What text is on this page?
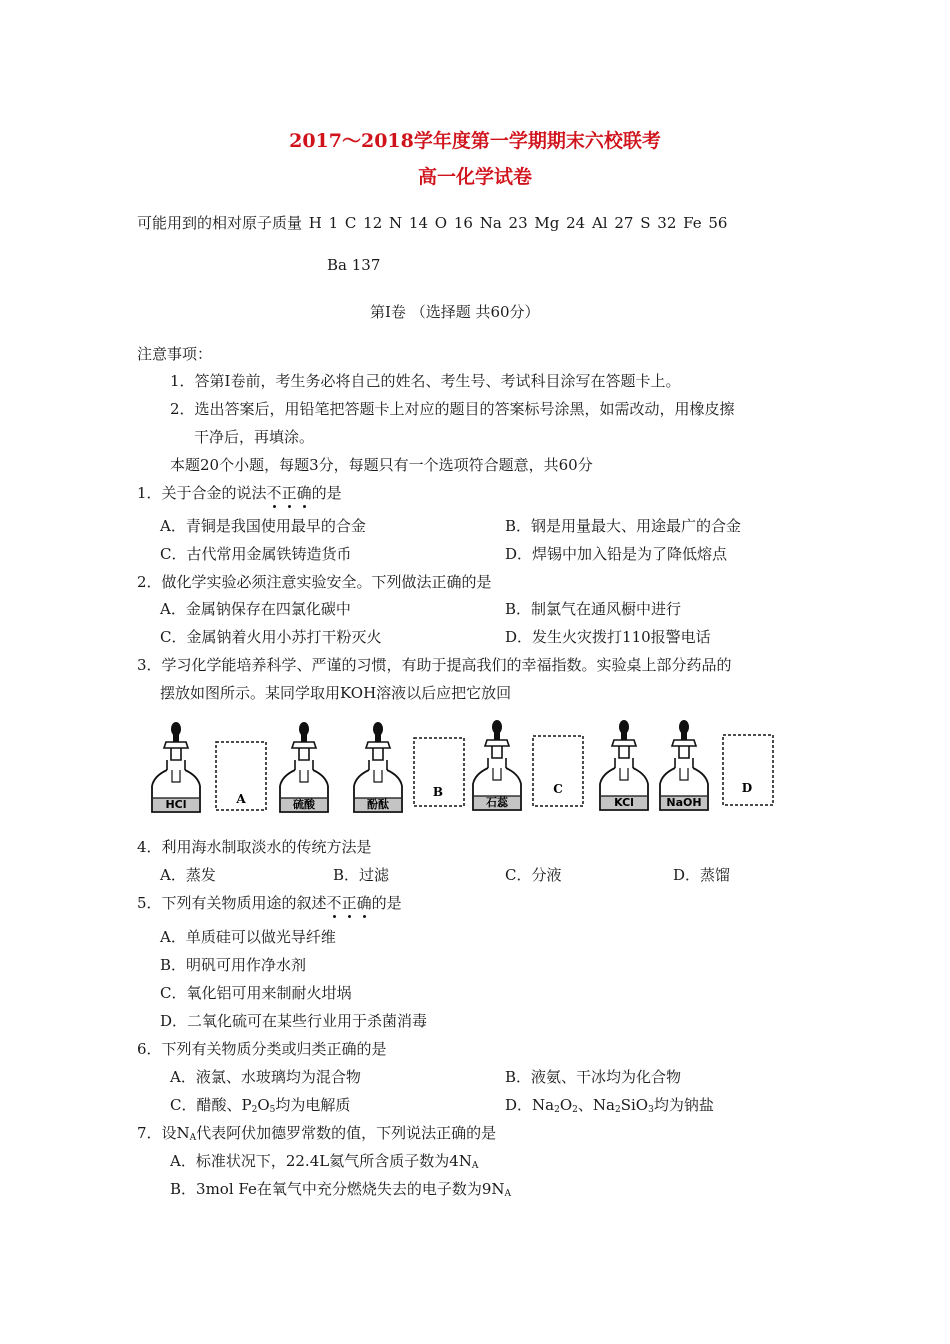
2017～2018学年度第一学期期末六校联考
高一化学试卷
可能用到的相对原子质量 H 1 C 12 N 14 O 16 Na 23 Mg 24 Al 27 S 32 Fe 56
Ba 137
第Ⅰ卷 （选择题 共60分）
注意事项：
1．答第Ⅰ卷前，考生务必将自己的姓名、考生号、考试科目涂写在答题卡上。
2．选出答案后，用铅笔把答题卡上对应的题目的答案标号涂黑，如需改动，用橡皮擦
干净后，再填涂。
本题20个小题，每题3分，每题只有一个选项符合题意，共60分
1．关于合金的说法不正确的是
A．青铜是我国使用最早的合金	B．钢是用量最大、用途最广的合金
C．古代常用金属铁铸造货币	D．焊锡中加入铅是为了降低熔点
2．做化学实验必须注意实验安全。下列做法正确的是
A．金属钠保存在四氯化碳中	B．制氯气在通风橱中进行
C．金属钠着火用小苏打干粉灭火	D．发生火灾拨打110报警电话
3．学习化学能培养科学、严谨的习惯，有助于提高我们的幸福指数。实验桌上部分药品的
摆放如图所示。某同学取用KOH溶液以后应把它放回
HCl	A	硫酸	酚酞
B
石蕊
C
KCl	NaOH
D
4．利用海水制取淡水的传统方法是
A．蒸发	B．过滤	C．分液	D．蒸馏
5．下列有关物质用途的叙述不正确的是
A．单质硅可以做光导纤维
B．明矾可用作净水剂
C．氧化铝可用来制耐火坩埚
D．二氧化硫可在某些行业用于杀菌消毒
6．下列有关物质分类或归类正确的是
A．液氯、水玻璃均为混合物	B．液氨、干冰均为化合物
C．醋酸、$P_2O_5$均为电解质	D．$Na_2O_2$、$Na_2SiO_3$均为钠盐
7．设$N_A$代表阿伏加德罗常数的值，下列说法正确的是
A．标准状况下，22.4L氦气所含质子数为$4N_A$
B．3mol Fe在氧气中充分燃烧失去的电子数为$9N_A$
